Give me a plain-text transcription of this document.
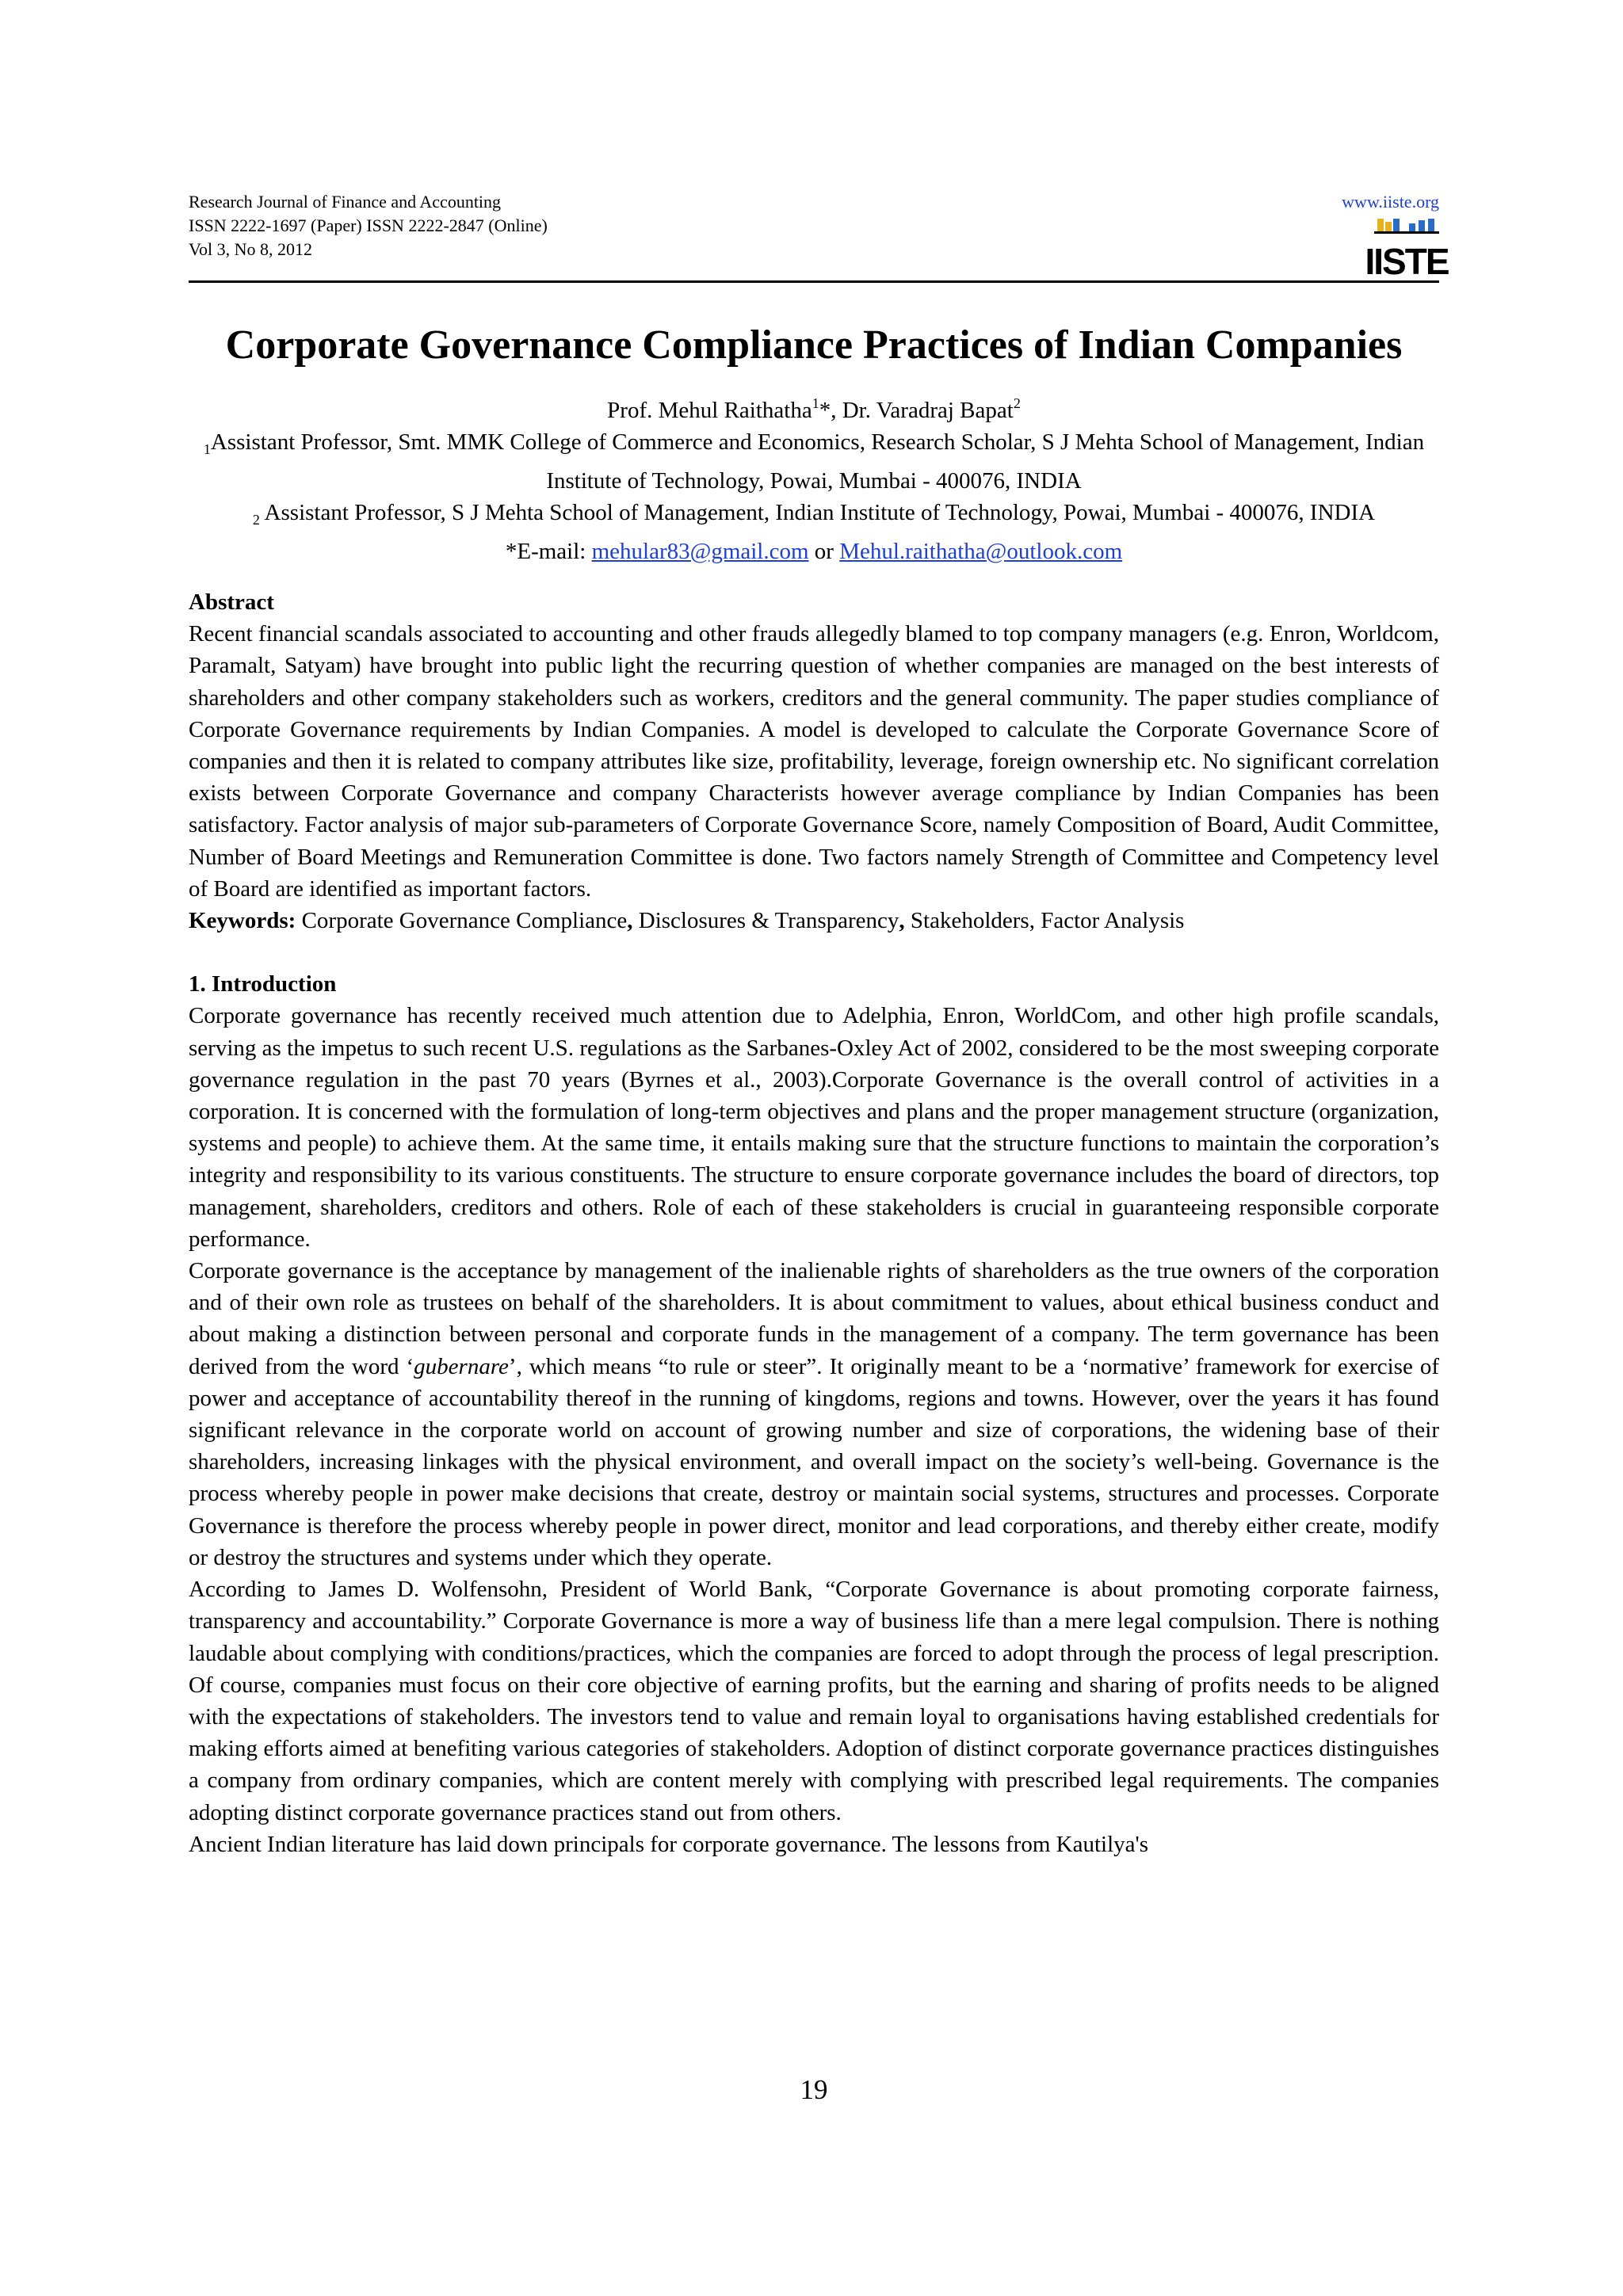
Research Journal of Finance and Accounting
ISSN 2222-1697 (Paper) ISSN 2222-2847 (Online)
Vol 3, No 8, 2012
www.iiste.org
IISTE
Corporate Governance Compliance Practices of Indian Companies

Prof. Mehul Raithatha$^1$*, Dr. Varadraj Bapat$^2$

$_1$Assistant Professor, Smt. MMK College of Commerce and Economics, Research Scholar, S J Mehta School of Management, Indian Institute of Technology, Powai, Mumbai - 400076, INDIA

$_2$ Assistant Professor, S J Mehta School of Management, Indian Institute of Technology, Powai, Mumbai - 400076, INDIA

*E-mail: mehular83@gmail.com or Mehul.raithatha@outlook.com

Abstract

Recent financial scandals associated to accounting and other frauds allegedly blamed to top company managers (e.g. Enron, Worldcom, Paramalt, Satyam) have brought into public light the recurring question of whether companies are managed on the best interests of shareholders and other company stakeholders such as workers, creditors and the general community. The paper studies compliance of Corporate Governance requirements by Indian Companies. A model is developed to calculate the Corporate Governance Score of companies and then it is related to company attributes like size, profitability, leverage, foreign ownership etc. No significant correlation exists between Corporate Governance and company Characterists however average compliance by Indian Companies has been satisfactory. Factor analysis of major sub-parameters of Corporate Governance Score, namely Composition of Board, Audit Committee, Number of Board Meetings and Remuneration Committee is done. Two factors namely Strength of Committee and Competency level of Board are identified as important factors.

Keywords: Corporate Governance Compliance, Disclosures & Transparency, Stakeholders, Factor Analysis

1. Introduction

Corporate governance has recently received much attention due to Adelphia, Enron, WorldCom, and other high profile scandals, serving as the impetus to such recent U.S. regulations as the Sarbanes-Oxley Act of 2002, considered to be the most sweeping corporate governance regulation in the past 70 years (Byrnes et al., 2003).Corporate Governance is the overall control of activities in a corporation. It is concerned with the formulation of long-term objectives and plans and the proper management structure (organization, systems and people) to achieve them. At the same time, it entails making sure that the structure functions to maintain the corporation’s integrity and responsibility to its various constituents. The structure to ensure corporate governance includes the board of directors, top management, shareholders, creditors and others. Role of each of these stakeholders is crucial in guaranteeing responsible corporate performance.

Corporate governance is the acceptance by management of the inalienable rights of shareholders as the true owners of the corporation and of their own role as trustees on behalf of the shareholders. It is about commitment to values, about ethical business conduct and about making a distinction between personal and corporate funds in the management of a company. The term governance has been derived from the word ‘gubernare’, which means “to rule or steer”. It originally meant to be a ‘normative’ framework for exercise of power and acceptance of accountability thereof in the running of kingdoms, regions and towns. However, over the years it has found significant relevance in the corporate world on account of growing number and size of corporations, the widening base of their shareholders, increasing linkages with the physical environment, and overall impact on the society’s well-being. Governance is the process whereby people in power make decisions that create, destroy or maintain social systems, structures and processes. Corporate Governance is therefore the process whereby people in power direct, monitor and lead corporations, and thereby either create, modify or destroy the structures and systems under which they operate.

According to James D. Wolfensohn, President of World Bank, “Corporate Governance is about promoting corporate fairness, transparency and accountability.” Corporate Governance is more a way of business life than a mere legal compulsion. There is nothing laudable about complying with conditions/practices, which the companies are forced to adopt through the process of legal prescription. Of course, companies must focus on their core objective of earning profits, but the earning and sharing of profits needs to be aligned with the expectations of stakeholders. The investors tend to value and remain loyal to organisations having established credentials for making efforts aimed at benefiting various categories of stakeholders. Adoption of distinct corporate governance practices distinguishes a company from ordinary companies, which are content merely with complying with prescribed legal requirements. The companies adopting distinct corporate governance practices stand out from others.

Ancient Indian literature has laid down principals for corporate governance. The lessons from Kautilya's

19
